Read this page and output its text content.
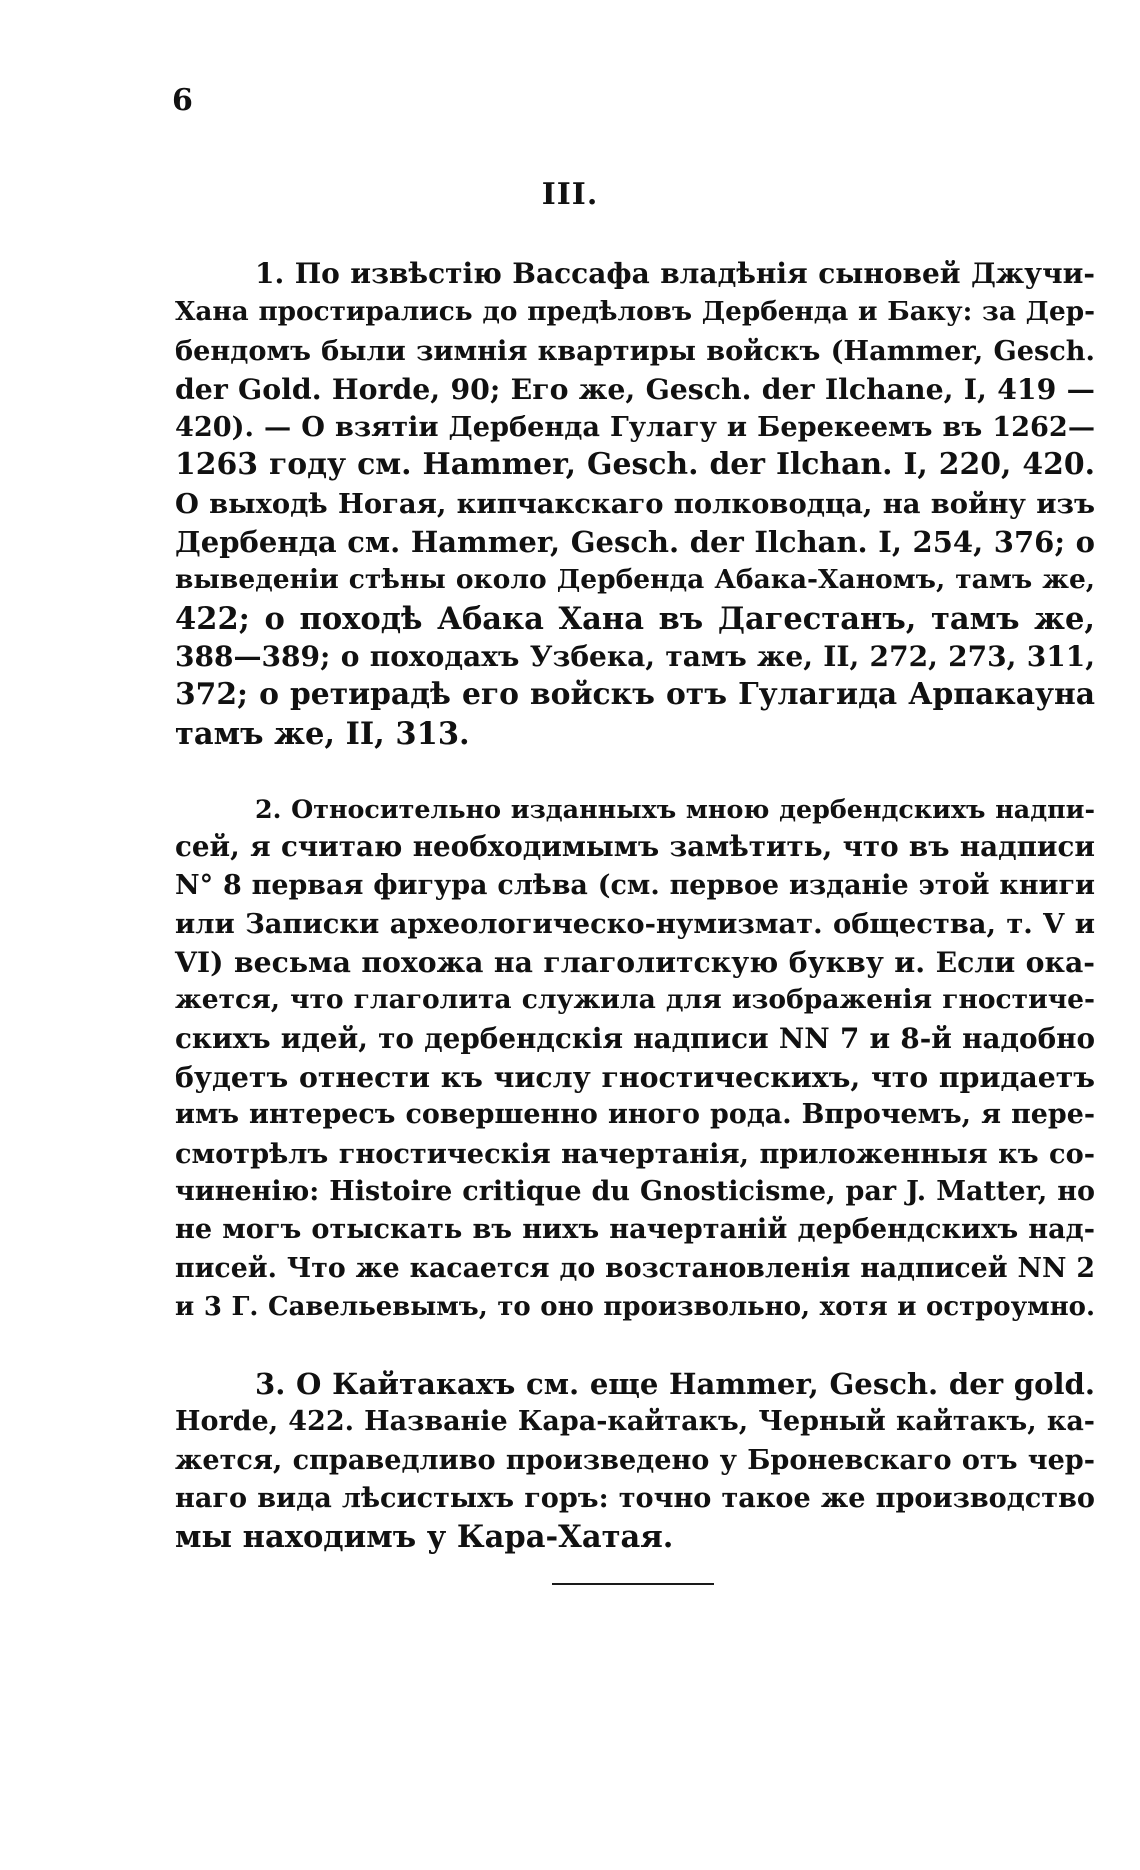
6
III.
1. По извѣстію Вассафа владѣнія сыновей Джучи-
Хана простирались до предѣловъ Дербенда и Баку: за Дер-
бендомъ были зимнія квартиры войскъ (Hammer, Gesch.
der Gold. Horde, 90; Его же, Gesch. der Ilchane, I, 419 —
420). — О взятіи Дербенда Гулагу и Берекеемъ въ 1262—
1263 году см. Hammer, Gesch. der Ilchan. I, 220, 420.
О выходѣ Ногая, кипчакскаго полководца, на войну изъ
Дербенда см. Hammer, Gesch. der Ilchan. I, 254, 376; о
выведеніи стѣны около Дербенда Абака-Ханомъ, тамъ же,
422; о походѣ Абака Хана въ Дагестанъ, тамъ же,
388—389; о походахъ Узбека, тамъ же, II, 272, 273, 311,
372; о ретирадѣ его войскъ отъ Гулагида Арпакауна
тамъ же, II, 313.
2. Относительно изданныхъ мною дербендскихъ надпи-
сей, я считаю необходимымъ замѣтить, что въ надписи
N° 8 первая фигура слѣва (см. первое изданіе этой книги
или Записки археологическо-нумизмат. общества, т. V и
VI) весьма похожа на глаголитскую букву и. Если ока-
жется, что глаголита служила для изображенія гностиче-
скихъ идей, то дербендскія надписи NN 7 и 8-й надобно
будетъ отнести къ числу гностическихъ, что придаетъ
имъ интересъ совершенно иного рода. Впрочемъ, я пере-
смотрѣлъ гностическія начертанія, приложенныя къ со-
чиненію: Histoire critique du Gnosticisme, par J. Matter, но
не могъ отыскать въ нихъ начертаній дербендскихъ над-
писей. Что же касается до возстановленія надписей NN 2
и 3 Г. Савельевымъ, то оно произвольно, хотя и остроумно.
3. О Кайтакахъ см. еще Hammer, Gesch. der gold.
Horde, 422. Названіе Кара-кайтакъ, Черный кайтакъ, ка-
жется, справедливо произведено у Броневскаго отъ чер-
наго вида лѣсистыхъ горъ: точно такое же производство
мы находимъ у Кара-Хатая.
